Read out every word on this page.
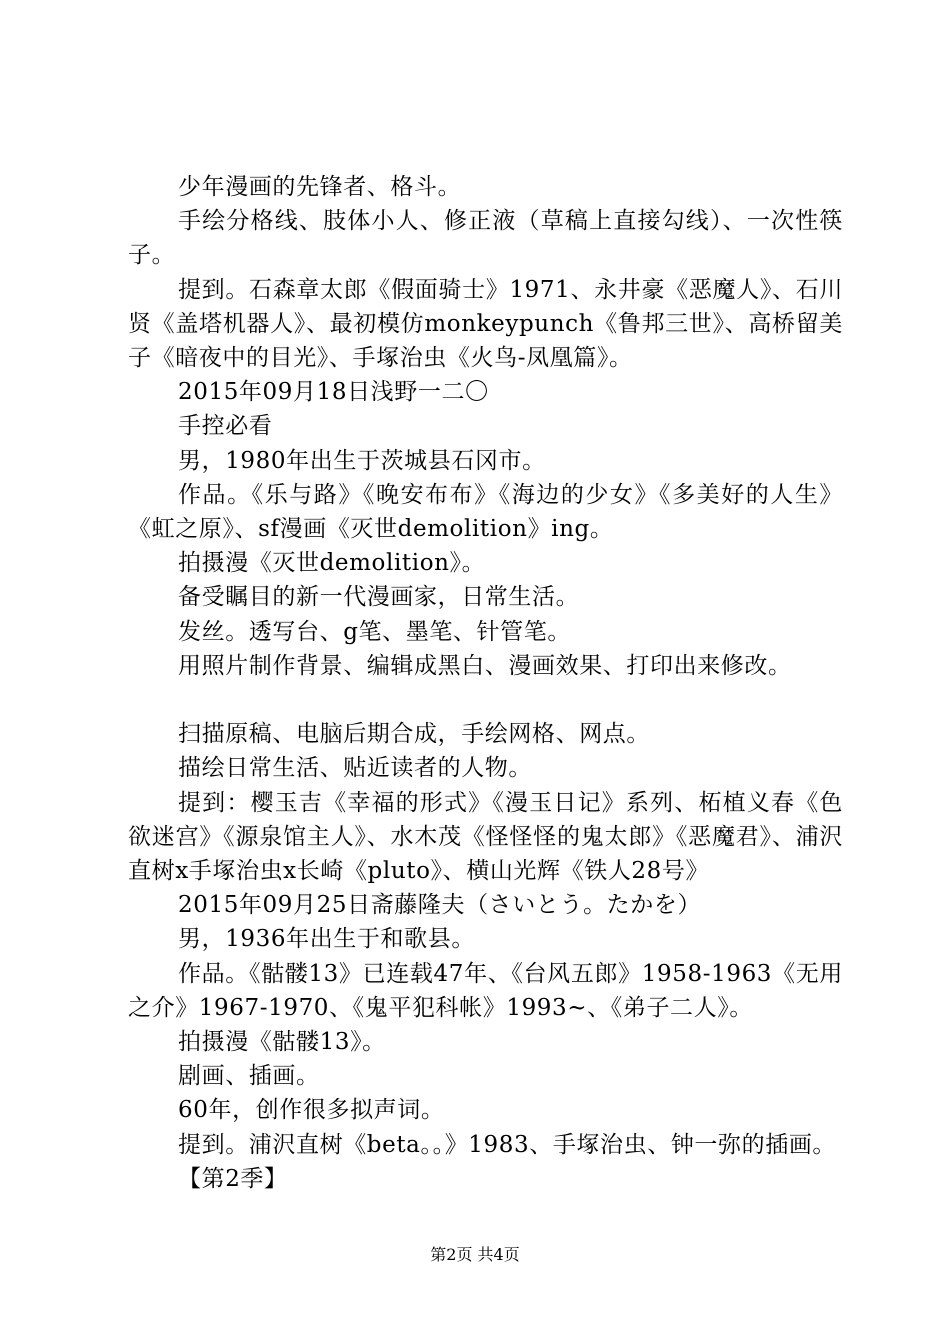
少年漫画的先锋者、格斗。

手绘分格线、肢体小人、修正液（草稿上直接勾线）、一次性筷子。

提到。石森章太郎《假面骑士》1971、永井豪《恶魔人》、石川贤《盖塔机器人》、最初模仿monkeypunch《鲁邦三世》、高桥留美子《暗夜中的目光》、手塚治虫《火鸟-凤凰篇》。

2015年09月18日浅野一二〇

手控必看

男，1980年出生于茨城县石冈市。

作品。《乐与路》《晚安布布》《海边的少女》《多美好的人生》《虹之原》、sf漫画《灭世demolition》ing。

拍摄漫《灭世demolition》。

备受瞩目的新一代漫画家，日常生活。

发丝。透写台、g笔、墨笔、针管笔。

用照片制作背景、编辑成黑白、漫画效果、打印出来修改。

扫描原稿、电脑后期合成，手绘网格、网点。

描绘日常生活、贴近读者的人物。

提到：樱玉吉《幸福的形式》《漫玉日记》系列、柘植义春《色欲迷宫》《源泉馆主人》、水木茂《怪怪怪的鬼太郎》《恶魔君》、浦沢直树x手塚治虫x长崎《pluto》、横山光辉《铁人28号》

2015年09月25日斋藤隆夫（さいとう。たかを）

男，1936年出生于和歌县。

作品。《骷髅13》已连载47年、《台风五郎》1958-1963《无用之介》1967-1970、《鬼平犯科帐》1993~、《弟子二人》。

拍摄漫《骷髅13》。

剧画、插画。

60年，创作很多拟声词。

提到。浦沢直树《beta。。》1983、手塚治虫、钟一弥的插画。

【第2季】

第2页 共4页
